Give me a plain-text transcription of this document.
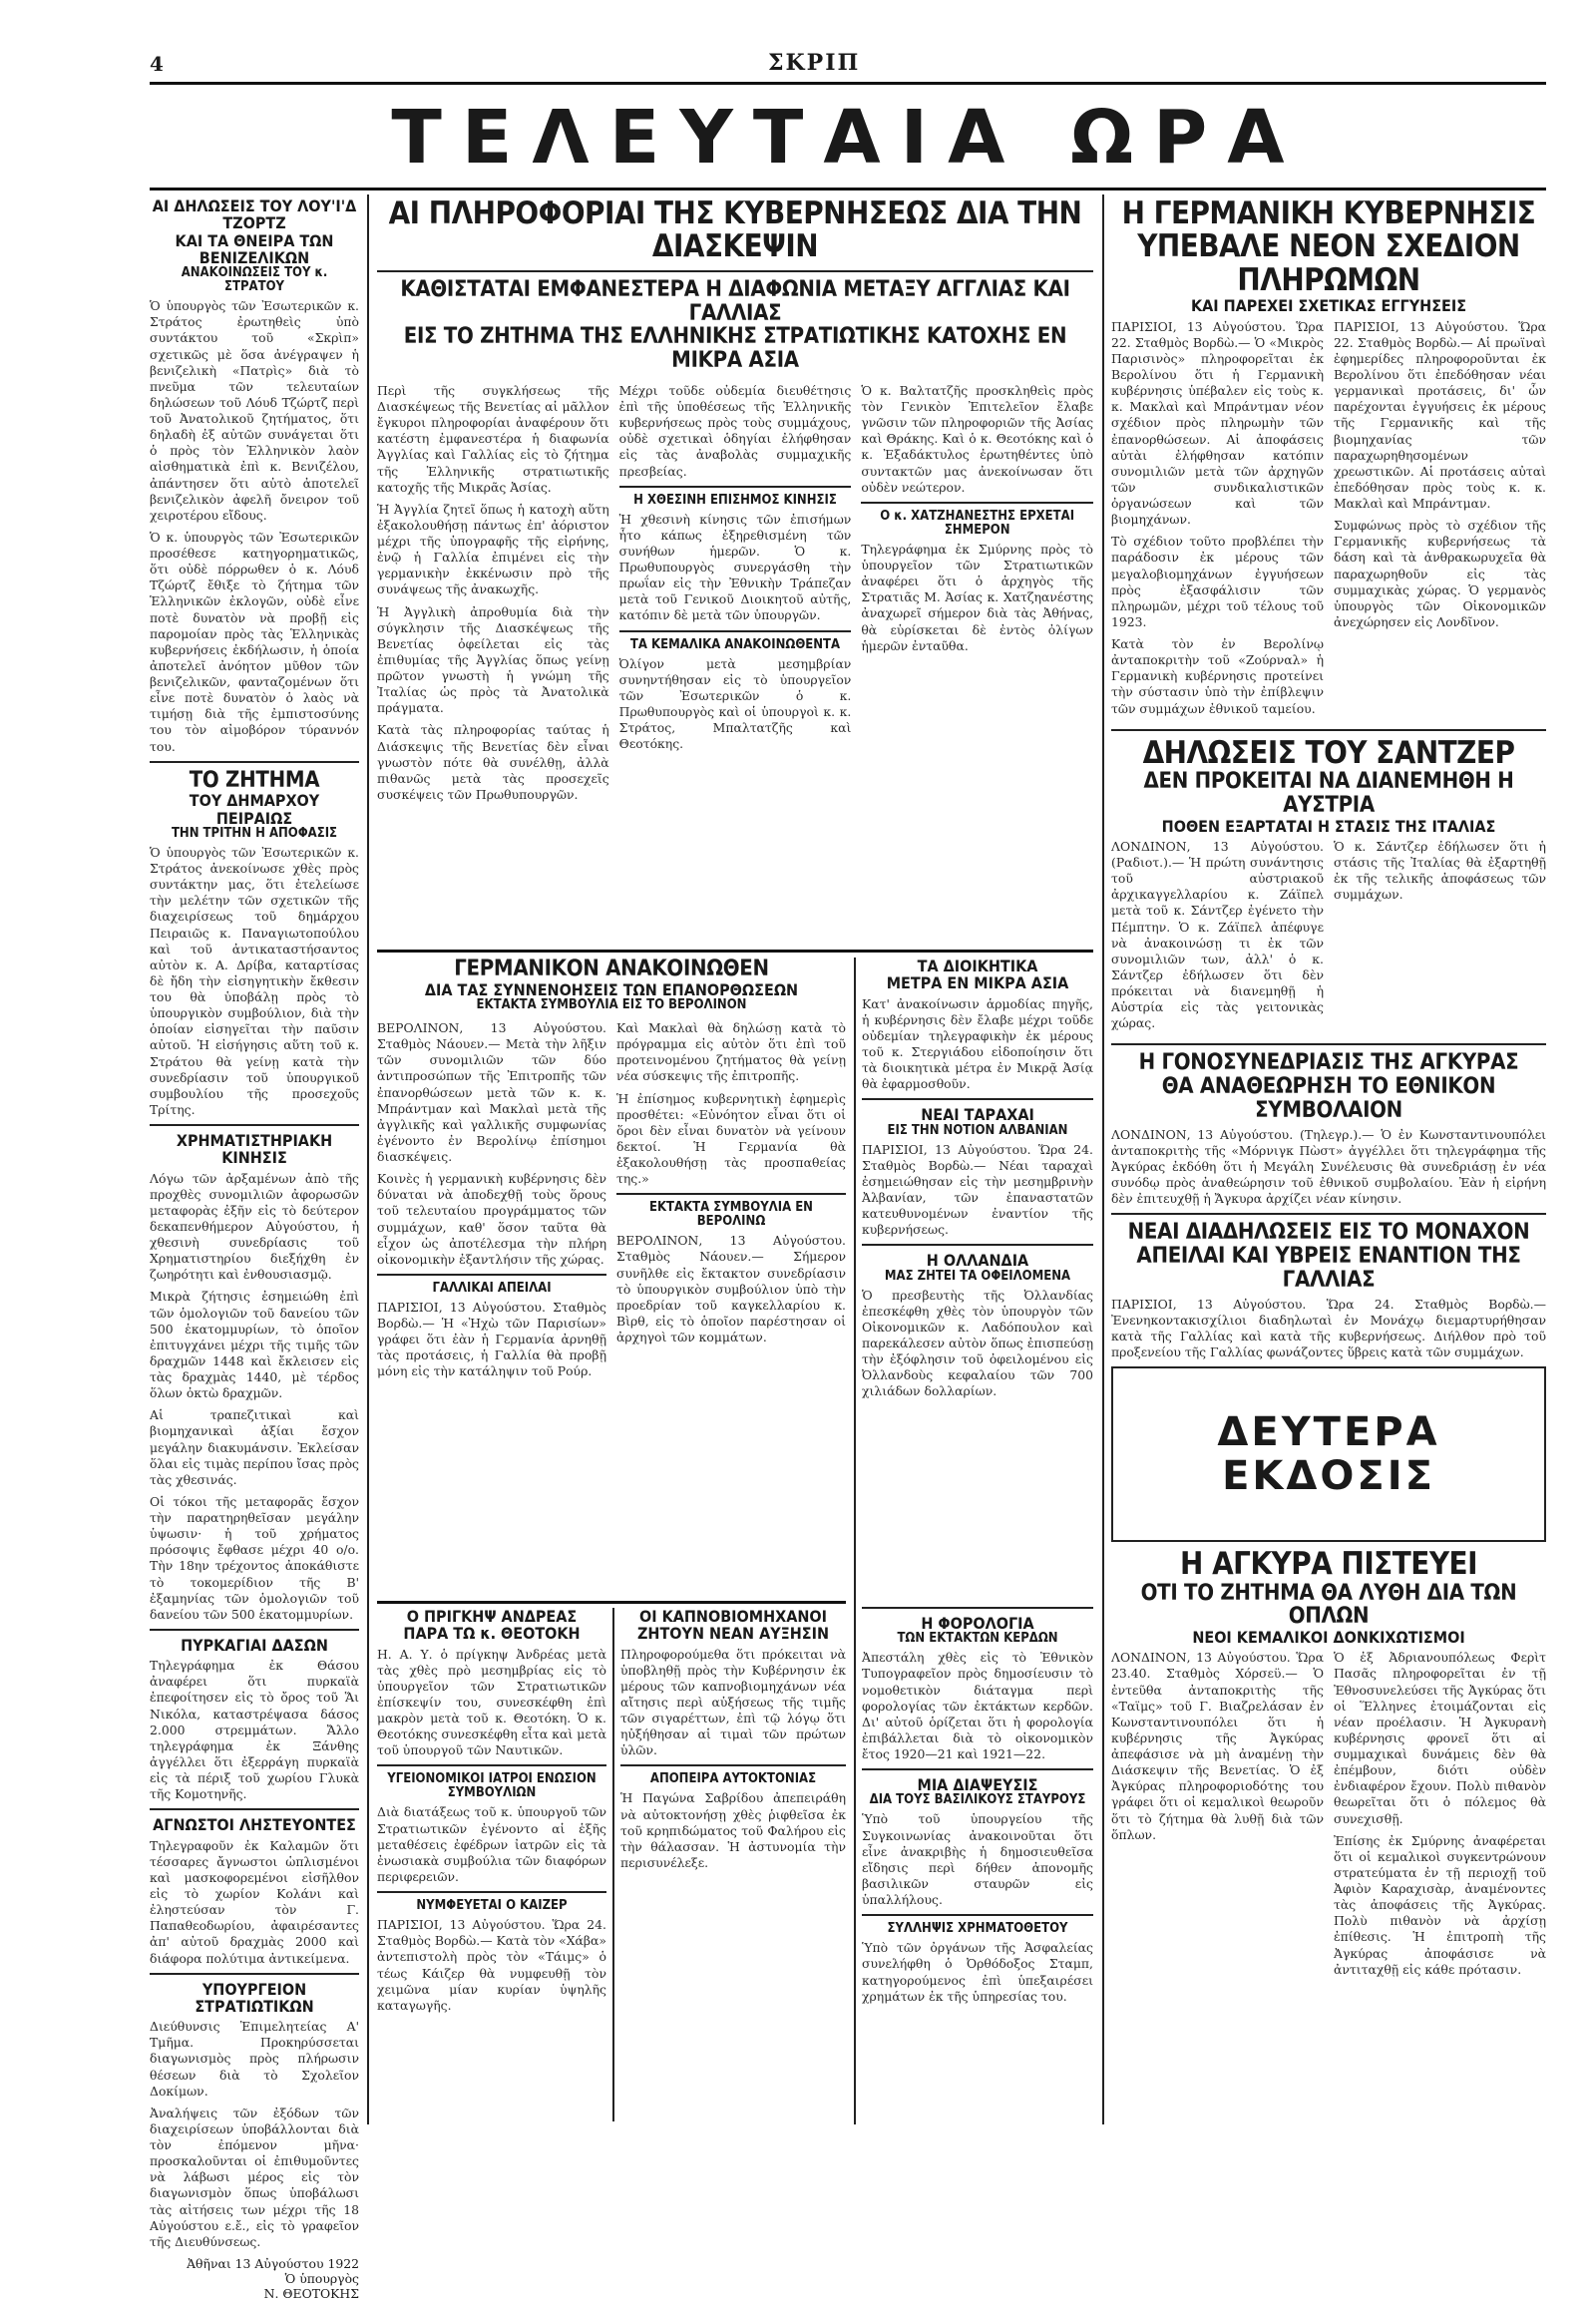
4	ΣΚΡΙΠ
ΤΕΛΕΥΤΑΙΑ ΩΡΑ

ΑΙ ΔΗΛΩΣΕΙΣ ΤΟΥ ΛΟΥ'Ι'Δ ΤΖΟΡΤΖ

ΚΑΙ ΤΑ ΘΝΕΙΡΑ ΤΩΝ ΒΕΝΙΖΕΛΙΚΩΝ

ΑΝΑΚΟΙΝΩΣΕΙΣ ΤΟΥ κ. ΣΤΡΑΤΟΥ

Ὁ ὑπουργὸς τῶν Ἐσωτερικῶν κ. Στράτος ἐρωτηθεὶς ὑπὸ συντάκτου τοῦ «Σκρὶπ» σχετικῶς μὲ ὅσα ἀνέγραψεν ἡ βενιζελικὴ «Πατρὶς» διὰ τὸ πνεῦμα τῶν τελευταίων δηλώσεων τοῦ Λόυδ Τζώρτζ περὶ τοῦ Ἀνατολικοῦ ζητήματος, ὅτι δηλαδὴ ἐξ αὐτῶν συνάγεται ὅτι ὁ πρὸς τὸν Ἑλληνικὸν λαὸν αἰσθηματικὰ ἐπὶ κ. Βενιζέλου, ἀπάντησεν ὅτι αὐτὸ ἀποτελεῖ βενιζελικὸν ἀφελῆ ὄνειρον τοῦ χειροτέρου εἴδους.

Ὁ κ. ὑπουργὸς τῶν Ἐσωτερικῶν προσέθεσε κατηγορηματικῶς, ὅτι οὐδὲ πόρρωθεν ὁ κ. Λόυδ Τζώρτζ ἔθιξε τὸ ζήτημα τῶν Ἑλληνικῶν ἐκλογῶν, οὐδὲ εἶνε ποτὲ δυνατὸν νὰ προβῇ εἰς παρομοίαν πρὸς τὰς Ἑλληνικὰς κυβερνήσεις ἐκδήλωσιν, ἡ ὁποία ἀποτελεῖ ἀνόητον μῦθον τῶν βενιζελικῶν, φανταζομένων ὅτι εἶνε ποτὲ δυνατὸν ὁ λαὸς νὰ τιμήσῃ διὰ τῆς ἐμπιστοσύνης του τὸν αἰμοβόρον τύραννόν του.

ΤΟ ΖΗΤΗΜΑ

ΤΟΥ ΔΗΜΑΡΧΟΥ ΠΕΙΡΑΙΩΣ

ΤΗΝ ΤΡΙΤΗΝ Η ΑΠΟΦΑΣΙΣ

Ὁ ὑπουργὸς τῶν Ἐσωτερικῶν κ. Στράτος ἀνεκοίνωσε χθὲς πρὸς συντάκτην μας, ὅτι ἐτελείωσε τὴν μελέτην τῶν σχετικῶν τῆς διαχειρίσεως τοῦ δημάρχου Πειραιῶς κ. Παναγιωτοπούλου καὶ τοῦ ἀντικαταστήσαντος αὐτὸν κ. Α. Δρίβα, καταρτίσας δὲ ἤδη τὴν εἰσηγητικὴν ἔκθεσιν του θὰ ὑποβάλῃ πρὸς τὸ ὑπουργικὸν συμβούλιον, διὰ τὴν ὁποίαν εἰσηγεῖται τὴν παῦσιν αὐτοῦ. Ἡ εἰσήγησις αὕτη τοῦ κ. Στράτου θὰ γείνῃ κατὰ τὴν συνεδρίασιν τοῦ ὑπουργικοῦ συμβουλίου τῆς προσεχοῦς Τρίτης.

ΧΡΗΜΑΤΙΣΤΗΡΙΑΚΗ ΚΙΝΗΣΙΣ

Λόγω τῶν ἀρξαμένων ἀπὸ τῆς προχθὲς συνομιλιῶν ἀφορωσῶν μεταφορὰς ἐξῆν εἰς τὸ δεύτερον δεκαπενθήμερον Αὐγούστου, ἡ χθεσινὴ συνεδρίασις τοῦ Χρηματιστηρίου διεξήχθη ἐν ζωηρότητι καὶ ἐνθουσιασμῷ.

Μικρὰ ζήτησις ἐσημειώθη ἐπὶ τῶν ὁμολογιῶν τοῦ δανείου τῶν 500 ἑκατομμυρίων, τὸ ὁποῖον ἐπιτυγχάνει μέχρι τῆς τιμῆς τῶν δραχμῶν 1448 καὶ ἔκλεισεν εἰς τὰς δραχμὰς 1440, μὲ τέρδος ὅλων ὀκτὼ δραχμῶν.

Αἱ τραπεζιτικαὶ καὶ βιομηχανικαὶ ἀξίαι ἔσχον μεγάλην διακυμάνσιν. Ἐκλείσαν ὅλαι εἰς τιμὰς περίπου ἴσας πρὸς τὰς χθεσινάς.

Οἱ τόκοι τῆς μεταφορᾶς ἔσχον τὴν παρατηρηθεῖσαν μεγάλην ὑψωσιν· ἡ τοῦ χρήματος πρόσοψις ἔφθασε μέχρι 40 ο/ο. Τὴν 18ην τρέχοντος ἀποκάθιστε τὸ τοκομερίδιον τῆς Β' ἐξαμηνίας τῶν ὁμολογιῶν τοῦ δανείου τῶν 500 ἑκατομμυρίων.

ΠΥΡΚΑΓΙΑΙ ΔΑΣΩΝ

Τηλεγράφημα ἐκ Θάσου ἀναφέρει ὅτι πυρκαϊὰ ἐπεφοίτησεν εἰς τὸ ὄρος τοῦ Ἅι Νικόλα, καταστρέψασα δάσος 2.000 στρεμμάτων. Ἄλλο τηλεγράφημα ἐκ Ξάνθης ἀγγέλλει ὅτι ἐξερράγη πυρκαϊὰ εἰς τὰ πέριξ τοῦ χωρίου Γλυκὰ τῆς Κομοτηνῆς.

ΑΓΝΩΣΤΟΙ ΛΗΣΤΕΥΟΝΤΕΣ

Τηλεγραφοῦν ἐκ Καλαμῶν ὅτι τέσσαρες ἄγνωστοι ὡπλισμένοι καὶ μασκοφορεμένοι εἰσῆλθον εἰς τὸ χωρίον Κολάνι καὶ ἐληστεύσαν τὸν Γ. Παπαθεοδωρίου, ἀφαιρέσαντες ἀπ' αὐτοῦ δραχμὰς 2000 καὶ διάφορα πολύτιμα ἀντικείμενα.

ΥΠΟΥΡΓΕΙΟΝ ΣΤΡΑΤΙΩΤΙΚΩΝ

Διεύθυνσις Ἐπιμελητείας Α' Τμῆμα. Προκηρύσσεται διαγωνισμὸς πρὸς πλήρωσιν θέσεων διὰ τὸ Σχολεῖον Δοκίμων.

Ἀναλήψεις τῶν ἐξόδων τῶν διαχειρίσεων ὑποβάλλονται διὰ τὸν ἐπόμενον μῆνα· προσκαλοῦνται οἱ ἐπιθυμοῦντες νὰ λάβωσι μέρος εἰς τὸν διαγωνισμὸν ὅπως ὑποβάλωσι τὰς αἰτήσεις των μέχρι τῆς 18 Αὐγούστου ε.ἔ., εἰς τὸ γραφεῖον τῆς Διευθύνσεως.

Ἀθῆναι 13 Αὐγούστου 1922

Ὁ ὑπουργὸς

Ν. ΘΕΟΤΟΚΗΣ

ΑΙ ΠΛΗΡΟΦΟΡΙΑΙ ΤΗΣ ΚΥΒΕΡΝΗΣΕΩΣ ΔΙΑ ΤΗΝ ΔΙΑΣΚΕΨΙΝ

ΚΑΘΙΣΤΑΤΑΙ ΕΜΦΑΝΕΣΤΕΡΑ Η ΔΙΑΦΩΝΙΑ ΜΕΤΑΞΥ ΑΓΓΛΙΑΣ ΚΑΙ ΓΑΛΛΙΑΣ

ΕΙΣ ΤΟ ΖΗΤΗΜΑ ΤΗΣ ΕΛΛΗΝΙΚΗΣ ΣΤΡΑΤΙΩΤΙΚΗΣ ΚΑΤΟΧΗΣ ΕΝ ΜΙΚΡΑ ΑΣΙΑ

Περὶ τῆς συγκλήσεως τῆς Διασκέψεως τῆς Βενετίας αἱ μᾶλλον ἔγκυροι πληροφορίαι ἀναφέρουν ὅτι κατέστη ἐμφανεστέρα ἡ διαφωνία Ἀγγλίας καὶ Γαλλίας εἰς τὸ ζήτημα τῆς Ἑλληνικῆς στρατιωτικῆς κατοχῆς τῆς Μικρᾶς Ἀσίας.

Ἡ Ἀγγλία ζητεῖ ὅπως ἡ κατοχὴ αὕτη ἐξακολουθήσῃ πάντως ἐπ' ἀόριστον μέχρι τῆς ὑπογραφῆς τῆς εἰρήνης, ἐνῷ ἡ Γαλλία ἐπιμένει εἰς τὴν γερμανικὴν ἐκκένωσιν πρὸ τῆς συνάψεως τῆς ἀνακωχῆς.

Ἡ Ἀγγλικὴ ἀπροθυμία διὰ τὴν σύγκλησιν τῆς Διασκέψεως τῆς Βενετίας ὀφείλεται εἰς τὰς ἐπιθυμίας τῆς Ἀγγλίας ὅπως γείνῃ πρῶτον γνωστὴ ἡ γνώμη τῆς Ἰταλίας ὡς πρὸς τὰ Ἀνατολικὰ πράγματα.

Κατὰ τὰς πληροφορίας ταύτας ἡ Διάσκεψις τῆς Βενετίας δὲν εἶναι γνωστὸν πότε θὰ συνέλθῃ, ἀλλὰ πιθανῶς μετὰ τὰς προσεχεῖς συσκέψεις τῶν Πρωθυπουργῶν.

Μέχρι τοῦδε οὐδεμία διευθέτησις ἐπὶ τῆς ὑποθέσεως τῆς Ἑλληνικῆς κυβερνήσεως πρὸς τοὺς συμμάχους, οὐδὲ σχετικαὶ ὁδηγίαι ἐλήφθησαν εἰς τὰς ἀναβολὰς συμμαχικῆς πρεσβείας.

Η ΧΘΕΣΙΝΗ ΕΠΙΣΗΜΟΣ ΚΙΝΗΣΙΣ

Ἡ χθεσινὴ κίνησις τῶν ἐπισήμων ἦτο κάπως ἐξηρεθισμένη τῶν συνήθων ἡμερῶν. Ὁ κ. Πρωθυπουργὸς συνεργάσθη τὴν πρωΐαν εἰς τὴν Ἐθνικὴν Τράπεζαν μετὰ τοῦ Γενικοῦ Διοικητοῦ αὐτῆς, κατόπιν δὲ μετὰ τῶν ὑπουργῶν.

ΤΑ ΚΕΜΑΛΙΚΑ ΑΝΑΚΟΙΝΩΘΕΝΤΑ

Ὀλίγον μετὰ μεσημβρίαν συνηντήθησαν εἰς τὸ ὑπουργεῖον τῶν Ἐσωτερικῶν ὁ κ. Πρωθυπουργὸς καὶ οἱ ὑπουργοὶ κ. κ. Στράτος, Μπαλτατζῆς καὶ Θεοτόκης.

Ὁ κ. Βαλτατζῆς προσκληθεὶς πρὸς τὸν Γενικὸν Ἐπιτελεῖον ἔλαβε γνῶσιν τῶν πληροφοριῶν τῆς Ἀσίας καὶ Θράκης. Καὶ ὁ κ. Θεοτόκης καὶ ὁ κ. Ἐξαδάκτυλος ἐρωτηθέντες ὑπὸ συντακτῶν μας ἀνεκοίνωσαν ὅτι οὐδὲν νεώτερον.

Ο κ. ΧΑΤΖΗΑΝΕΣΤΗΣ ΕΡΧΕΤΑΙ ΣΗΜΕΡΟΝ

Τηλεγράφημα ἐκ Σμύρνης πρὸς τὸ ὑπουργεῖον τῶν Στρατιωτικῶν ἀναφέρει ὅτι ὁ ἀρχηγὸς τῆς Στρατιᾶς Μ. Ἀσίας κ. Χατζηανέστης ἀναχωρεῖ σήμερον διὰ τὰς Ἀθήνας, θὰ εὑρίσκεται δὲ ἐντὸς ὀλίγων ἡμερῶν ἐνταῦθα.

ΓΕΡΜΑΝΙΚΟΝ ΑΝΑΚΟΙΝΩΘΕΝ

ΔΙΑ ΤΑΣ ΣΥΝΝΕΝΟΗΣΕΙΣ ΤΩΝ ΕΠΑΝΟΡΘΩΣΕΩΝ

ΕΚΤΑΚΤΑ ΣΥΜΒΟΥΛΙΑ ΕΙΣ ΤΟ ΒΕΡΟΛΙΝΟΝ

ΒΕΡΟΛΙΝΟΝ, 13 Αὐγούστου. Σταθμὸς Νάουεν.— Μετὰ τὴν λῆξιν τῶν συνομιλιῶν τῶν δύο ἀντιπροσώπων τῆς Ἐπιτροπῆς τῶν ἐπανορθώσεων μετὰ τῶν κ. κ. Μπράντμαν καὶ Μακλαὶ μετὰ τῆς ἀγγλικῆς καὶ γαλλικῆς συμφωνίας ἐγένοντο ἐν Βερολίνῳ ἐπίσημοι διασκέψεις.

Κοινὲς ἡ γερμανικὴ κυβέρνησις δὲν δύναται νὰ ἀποδεχθῇ τοὺς ὅρους τοῦ τελευταίου προγράμματος τῶν συμμάχων, καθ' ὅσον ταῦτα θὰ εἶχον ὡς ἀποτέλεσμα τὴν πλήρη οἰκονομικὴν ἐξαντλήσιν τῆς χώρας.

ΓΑΛΛΙΚΑΙ ΑΠΕΙΛΑΙ

ΠΑΡΙΣΙΟΙ, 13 Αὐγούστου. Σταθμὸς Βορδὼ.— Ἡ «Ἠχὼ τῶν Παρισίων» γράφει ὅτι ἐὰν ἡ Γερμανία ἀρνηθῇ τὰς προτάσεις, ἡ Γαλλία θὰ προβῇ μόνη εἰς τὴν κατάληψιν τοῦ Ρούρ.

Καὶ Μακλαὶ θὰ δηλώσῃ κατὰ τὸ πρόγραμμα εἰς αὐτὸν ὅτι ἐπὶ τοῦ προτεινομένου ζητήματος θὰ γείνῃ νέα σύσκεψις τῆς ἐπιτροπῆς.

Ἡ ἐπίσημος κυβερνητικὴ ἐφημερὶς προσθέτει: «Εὐνόητον εἶναι ὅτι οἱ ὅροι δὲν εἶναι δυνατὸν νὰ γείνουν δεκτοί. Ἡ Γερμανία θὰ ἐξακολουθήσῃ τὰς προσπαθείας της.»

ΕΚΤΑΚΤΑ ΣΥΜΒΟΥΛΙΑ ΕΝ ΒΕΡΟΛΙΝΩ

ΒΕΡΟΛΙΝΟΝ, 13 Αὐγούστου. Σταθμὸς Νάουεν.— Σήμερον συνῆλθε εἰς ἔκτακτον συνεδρίασιν τὸ ὑπουργικὸν συμβούλιον ὑπὸ τὴν προεδρίαν τοῦ καγκελλαρίου κ. Βὶρθ, εἰς τὸ ὁποῖον παρέστησαν οἱ ἀρχηγοὶ τῶν κομμάτων.

ΤΑ ΔΙΟΙΚΗΤΙΚΑ

ΜΕΤΡΑ ΕΝ ΜΙΚΡΑ ΑΣΙΑ

Κατ' ἀνακοίνωσιν ἁρμοδίας πηγῆς, ἡ κυβέρνησις δὲν ἔλαβε μέχρι τοῦδε οὐδεμίαν τηλεγραφικὴν ἐκ μέρους τοῦ κ. Στεργιάδου εἰδοποίησιν ὅτι τὰ διοικητικὰ μέτρα ἐν Μικρᾷ Ἀσίᾳ θὰ ἐφαρμοσθοῦν.

ΝΕΑΙ ΤΑΡΑΧΑΙ

ΕΙΣ ΤΗΝ ΝΟΤΙΟΝ ΑΛΒΑΝΙΑΝ

ΠΑΡΙΣΙΟΙ, 13 Αὐγούστου. Ὥρα 24. Σταθμὸς Βορδὼ.— Νέαι ταραχαὶ ἐσημειώθησαν εἰς τὴν μεσημβρινὴν Ἀλβανίαν, τῶν ἐπαναστατῶν κατευθυνομένων ἐναντίον τῆς κυβερνήσεως.

Η ΟΛΛΑΝΔΙΑ

ΜΑΣ ΖΗΤΕΙ ΤΑ ΟΦΕΙΛΟΜΕΝΑ

Ὁ πρεσβευτὴς τῆς Ὀλλανδίας ἐπεσκέφθη χθὲς τὸν ὑπουργὸν τῶν Οἰκονομικῶν κ. Λαδόπουλον καὶ παρεκάλεσεν αὐτὸν ὅπως ἐπισπεύσῃ τὴν ἐξόφλησιν τοῦ ὀφειλομένου εἰς Ὀλλανδοὺς κεφαλαίου τῶν 700 χιλιάδων δολλαρίων.

Ο ΠΡΙΓΚΗΨ ΑΝΔΡΕΑΣ

ΠΑΡΑ ΤΩ κ. ΘΕΟΤΟΚΗ

Η. Α. Υ. ὁ πρίγκηψ Ἀνδρέας μετὰ τὰς χθὲς πρὸ μεσημβρίας εἰς τὸ ὑπουργεῖον τῶν Στρατιωτικῶν ἐπίσκεψίν του, συνεσκέφθη ἐπὶ μακρὸν μετὰ τοῦ κ. Θεοτόκη. Ὁ κ. Θεοτόκης συνεσκέφθη εἶτα καὶ μετὰ τοῦ ὑπουργοῦ τῶν Ναυτικῶν.

ΥΓΕΙΟΝΟΜΙΚΟΙ ΙΑΤΡΟΙ ΕΝΩΣΙΟΝ ΣΥΜΒΟΥΛΙΩΝ

Διὰ διατάξεως τοῦ κ. ὑπουργοῦ τῶν Στρατιωτικῶν ἐγένοντο αἱ ἑξῆς μεταθέσεις ἐφέδρων ἰατρῶν εἰς τὰ ἐνωσιακὰ συμβούλια τῶν διαφόρων περιφερειῶν.

ΝΥΜΦΕΥΕΤΑΙ Ο ΚΑΙΖΕΡ

ΠΑΡΙΣΙΟΙ, 13 Αὐγούστου. Ὥρα 24. Σταθμὸς Βορδὼ.— Κατὰ τὸν «Χάβα» ἀντεπιστολὴ πρὸς τὸν «Τάιμς» ὁ τέως Κάιζερ θὰ νυμφευθῇ τὸν χειμῶνα μίαν κυρίαν ὑψηλῆς καταγωγῆς.

ΟΙ ΚΑΠΝΟΒΙΟΜΗΧΑΝΟΙ

ΖΗΤΟΥΝ ΝΕΑΝ ΑΥΞΗΣΙΝ

Πληροφορούμεθα ὅτι πρόκειται νὰ ὑποβληθῇ πρὸς τὴν Κυβέρνησιν ἐκ μέρους τῶν καπνοβιομηχάνων νέα αἴτησις περὶ αὐξήσεως τῆς τιμῆς τῶν σιγαρέττων, ἐπὶ τῷ λόγῳ ὅτι ηὐξήθησαν αἱ τιμαὶ τῶν πρώτων ὑλῶν.

ΑΠΟΠΕΙΡΑ ΑΥΤΟΚΤΟΝΙΑΣ

Ἡ Παγώνα Σαβρίδου ἀπεπειράθη νὰ αὐτοκτονήσῃ χθὲς ῥιφθεῖσα ἐκ τοῦ κρηπιδώματος τοῦ Φαλήρου εἰς τὴν θάλασσαν. Ἡ ἀστυνομία τὴν περισυνέλεξε.

Η ΦΟΡΟΛΟΓΙΑ

ΤΩΝ ΕΚΤΑΚΤΩΝ ΚΕΡΔΩΝ

Ἀπεστάλη χθὲς εἰς τὸ Ἐθνικὸν Τυπογραφεῖον πρὸς δημοσίευσιν τὸ νομοθετικὸν διάταγμα περὶ φορολογίας τῶν ἐκτάκτων κερδῶν. Δι' αὐτοῦ ὁρίζεται ὅτι ἡ φορολογία ἐπιβάλλεται διὰ τὸ οἰκονομικὸν ἔτος 1920—21 καὶ 1921—22.

ΜΙΑ ΔΙΑΨΕΥΣΙΣ

ΔΙΑ ΤΟΥΣ ΒΑΣΙΛΙΚΟΥΣ ΣΤΑΥΡΟΥΣ

Ὑπὸ τοῦ ὑπουργείου τῆς Συγκοινωνίας ἀνακοινοῦται ὅτι εἶνε ἀνακριβὴς ἡ δημοσιευθεῖσα εἴδησις περὶ δήθεν ἀπονομῆς βασιλικῶν σταυρῶν εἰς ὑπαλλήλους.

ΣΥΛΛΗΨΙΣ ΧΡΗΜΑΤΟΘΕΤΟΥ

Ὑπὸ τῶν ὀργάνων τῆς Ἀσφαλείας συνελήφθη ὁ Ὀρθόδοξος Σταμπ, κατηγορούμενος ἐπὶ ὑπεξαιρέσει χρημάτων ἐκ τῆς ὑπηρεσίας του.

Η ΓΕΡΜΑΝΙΚΗ ΚΥΒΕΡΝΗΣΙΣ

ΥΠΕΒΑΛΕ ΝΕΟΝ ΣΧΕΔΙΟΝ ΠΛΗΡΩΜΩΝ

ΚΑΙ ΠΑΡΕΧΕΙ ΣΧΕΤΙΚΑΣ ΕΓΓΥΗΣΕΙΣ

ΠΑΡΙΣΙΟΙ, 13 Αὐγούστου. Ὥρα 22. Σταθμὸς Βορδὼ.— Ὁ «Μικρὸς Παρισινὸς» πληροφορεῖται ἐκ Βερολίνου ὅτι ἡ Γερμανικὴ κυβέρνησις ὑπέβαλεν εἰς τοὺς κ. κ. Μακλαὶ καὶ Μπράντμαν νέον σχέδιον πρὸς πληρωμὴν τῶν ἐπανορθώσεων. Αἱ ἀποφάσεις αὐτὰι ἐλήφθησαν κατόπιν συνομιλιῶν μετὰ τῶν ἀρχηγῶν τῶν συνδικαλιστικῶν ὀργανώσεων καὶ τῶν βιομηχάνων.

Τὸ σχέδιον τοῦτο προβλέπει τὴν παράδοσιν ἐκ μέρους τῶν μεγαλοβιομηχάνων ἐγγυήσεων πρὸς ἐξασφάλισιν τῶν πληρωμῶν, μέχρι τοῦ τέλους τοῦ 1923.

Κατὰ τὸν ἐν Βερολίνῳ ἀνταποκριτὴν τοῦ «Ζούρναλ» ἡ Γερμανικὴ κυβέρνησις προτείνει τὴν σύστασιν ὑπὸ τὴν ἐπίβλεψιν τῶν συμμάχων ἐθνικοῦ ταμείου.

ΠΑΡΙΣΙΟΙ, 13 Αὐγούστου. Ὥρα 22. Σταθμὸς Βορδὼ.— Αἱ πρωϊναὶ ἐφημερίδες πληροφοροῦνται ἐκ Βερολίνου ὅτι ἐπεδόθησαν νέαι γερμανικαὶ προτάσεις, δι' ὧν παρέχονται ἐγγυήσεις ἐκ μέρους τῆς Γερμανικῆς καὶ τῆς βιομηχανίας τῶν παραχωρηθησομένων χρεωστικῶν. Αἱ προτάσεις αὐταὶ ἐπεδόθησαν πρὸς τοὺς κ. κ. Μακλαὶ καὶ Μπράντμαν.

Συμφώνως πρὸς τὸ σχέδιον τῆς Γερμανικῆς κυβερνήσεως τὰ δάση καὶ τὰ ἀνθρακωρυχεῖα θὰ παραχωρηθοῦν εἰς τὰς συμμαχικὰς χώρας. Ὁ γερμανὸς ὑπουργὸς τῶν Οἰκονομικῶν ἀνεχώρησεν εἰς Λονδῖνον.

ΔΗΛΩΣΕΙΣ ΤΟΥ ΣΑΝΤΖΕΡ

ΔΕΝ ΠΡΟΚΕΙΤΑΙ ΝΑ ΔΙΑΝΕΜΗΘΗ Η ΑΥΣΤΡΙΑ

ΠΟΘΕΝ ΕΞΑΡΤΑΤΑΙ Η ΣΤΑΣΙΣ ΤΗΣ ΙΤΑΛΙΑΣ

ΛΟΝΔΙΝΟΝ, 13 Αὐγούστου. (Ραδιοτ.).— Ἡ πρώτη συνάντησις τοῦ αὐστριακοῦ ἀρχικαγγελλαρίου κ. Ζάϊπελ μετὰ τοῦ κ. Σάντζερ ἐγένετο τὴν Πέμπτην. Ὁ κ. Ζάϊπελ ἀπέφυγε νὰ ἀνακοινώσῃ τι ἐκ τῶν συνομιλιῶν των, ἀλλ' ὁ κ. Σάντζερ ἐδήλωσεν ὅτι δὲν πρόκειται νὰ διανεμηθῇ ἡ Αὐστρία εἰς τὰς γειτονικὰς χώρας.

Ὁ κ. Σάντζερ ἐδήλωσεν ὅτι ἡ στάσις τῆς Ἰταλίας θὰ ἐξαρτηθῇ ἐκ τῆς τελικῆς ἀποφάσεως τῶν συμμάχων.

Η ΓΟΝΟΣΥΝΕΔΡΙΑΣΙΣ ΤΗΣ ΑΓΚΥΡΑΣ

ΘΑ ΑΝΑΘΕΩΡΗΣΗ ΤΟ ΕΘΝΙΚΟΝ ΣΥΜΒΟΛΑΙΟΝ

ΛΟΝΔΙΝΟΝ, 13 Αὐγούστου. (Τηλεγρ.).— Ὁ ἐν Κωνσταντινουπόλει ἀνταποκριτὴς τῆς «Μόρνιγκ Πὼστ» ἀγγέλλει ὅτι τηλεγράφημα τῆς Ἀγκύρας ἐκδόθη ὅτι ἡ Μεγάλη Συνέλευσις θὰ συνεδριάσῃ ἐν νέα συνόδῳ πρὸς ἀναθεώρησιν τοῦ ἐθνικοῦ συμβολαίου. Ἐὰν ἡ εἰρήνη δὲν ἐπιτευχθῇ ἡ Ἄγκυρα ἀρχίζει νέαν κίνησιν.

ΝΕΑΙ ΔΙΑΔΗΛΩΣΕΙΣ ΕΙΣ ΤΟ ΜΟΝΑΧΟΝ

ΑΠΕΙΛΑΙ ΚΑΙ ΥΒΡΕΙΣ ΕΝΑΝΤΙΟΝ ΤΗΣ ΓΑΛΛΙΑΣ

ΠΑΡΙΣΙΟΙ, 13 Αὐγούστου. Ὥρα 24. Σταθμὸς Βορδὼ.— Ἐνενηκοντακισχίλιοι διαδηλωταὶ ἐν Μονάχῳ διεμαρτυρήθησαν κατὰ τῆς Γαλλίας καὶ κατὰ τῆς κυβερνήσεως. Διήλθον πρὸ τοῦ προξενείου τῆς Γαλλίας φωνάζοντες ὕβρεις κατὰ τῶν συμμάχων.

ΔΕΥΤΕΡΑ ΕΚΔΟΣΙΣ

Η ΑΓΚΥΡΑ ΠΙΣΤΕΥΕΙ

ΟΤΙ ΤΟ ΖΗΤΗΜΑ ΘΑ ΛΥΘΗ ΔΙΑ ΤΩΝ ΟΠΛΩΝ

ΝΕΟΙ ΚΕΜΑΛΙΚΟΙ ΔΟΝΚΙΧΩΤΙΣΜΟΙ

ΛΟΝΔΙΝΟΝ, 13 Αὐγούστου. Ὥρα 23.40. Σταθμὸς Χόρσεϋ.— Ὁ ἐντεῦθα ἀνταποκριτὴς τῆς «Ταϊμς» τοῦ Γ. Βιαζρελάσαν ἐν Κωνσταντινουπόλει ὅτι ἡ κυβέρνησις τῆς Ἀγκύρας ἀπεφάσισε νὰ μὴ ἀναμένῃ τὴν Διάσκεψιν τῆς Βενετίας. Ὁ ἐξ Ἀγκύρας πληροφοριοδότης του γράφει ὅτι οἱ κεμαλικοὶ θεωροῦν ὅτι τὸ ζήτημα θὰ λυθῇ διὰ τῶν ὅπλων.

Ὁ ἐξ Ἀδριανουπόλεως Φερὶτ Πασᾶς πληροφορεῖται ἐν τῇ Ἐθνοσυνελεύσει τῆς Ἀγκύρας ὅτι οἱ Ἕλληνες ἐτοιμάζονται εἰς νέαν προέλασιν. Ἡ Ἀγκυρανὴ κυβέρνησις φρονεῖ ὅτι αἱ συμμαχικαὶ δυνάμεις δὲν θὰ ἐπέμβουν, διότι οὐδὲν ἐνδιαφέρον ἔχουν. Πολὺ πιθανὸν θεωρεῖται ὅτι ὁ πόλεμος θὰ συνεχισθῇ.

Ἐπίσης ἐκ Σμύρνης ἀναφέρεται ὅτι οἱ κεμαλικοὶ συγκεντρώνουν στρατεύματα ἐν τῇ περιοχῇ τοῦ Ἀφιὸν Καραχισὰρ, ἀναμένοντες τὰς ἀποφάσεις τῆς Ἀγκύρας. Πολὺ πιθανὸν νὰ ἀρχίσῃ ἐπίθεσις. Ἡ ἐπιτροπὴ τῆς Ἀγκύρας ἀποφάσισε νὰ ἀντιταχθῇ εἰς κάθε πρότασιν.
